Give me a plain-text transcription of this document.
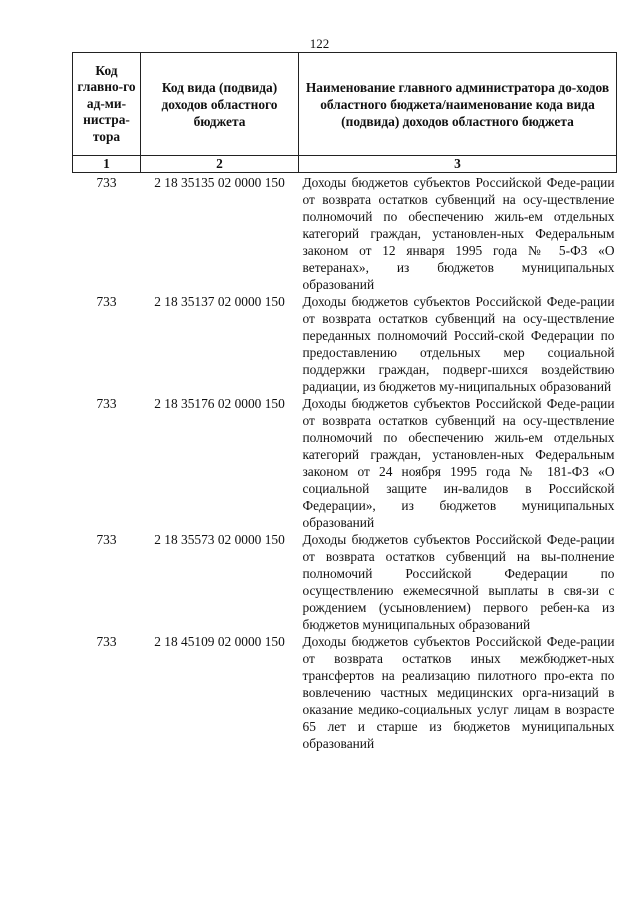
122
Код главно-го ад-ми-нистра-тора	Код вида (подвида) доходов областного бюджета	Наименование главного администратора до-ходов областного бюджета/наименование кода вида (подвида) доходов областного бюджета
1	2	3
733	2 18 35135 02 0000 150	Доходы бюджетов субъектов Российской Феде-рации от возврата остатков субвенций на осу-ществление полномочий по обеспечению жиль-ем отдельных категорий граждан, установлен-ных Федеральным законом от 12 января 1995 года № 5-ФЗ «О ветеранах», из бюджетов муниципальных образований
733	2 18 35137 02 0000 150	Доходы бюджетов субъектов Российской Феде-рации от возврата остатков субвенций на осу-ществление переданных полномочий Россий-ской Федерации по предоставлению отдельных мер социальной поддержки граждан, подверг-шихся воздействию радиации, из бюджетов му-ниципальных образований
733	2 18 35176 02 0000 150	Доходы бюджетов субъектов Российской Феде-рации от возврата остатков субвенций на осу-ществление полномочий по обеспечению жиль-ем отдельных категорий граждан, установлен-ных Федеральным законом от 24 ноября 1995 года № 181-ФЗ «О социальной защите ин-валидов в Российской Федерации», из бюджетов муниципальных образований
733	2 18 35573 02 0000 150	Доходы бюджетов субъектов Российской Феде-рации от возврата остатков субвенций на вы-полнение полномочий Российской Федерации по осуществлению ежемесячной выплаты в свя-зи с рождением (усыновлением) первого ребен-ка из бюджетов муниципальных образований
733	2 18 45109 02 0000 150	Доходы бюджетов субъектов Российской Феде-рации от возврата остатков иных межбюджет-ных трансфертов на реализацию пилотного про-екта по вовлечению частных медицинских орга-низаций в оказание медико-социальных услуг лицам в возрасте 65 лет и старше из бюджетов муниципальных образований
